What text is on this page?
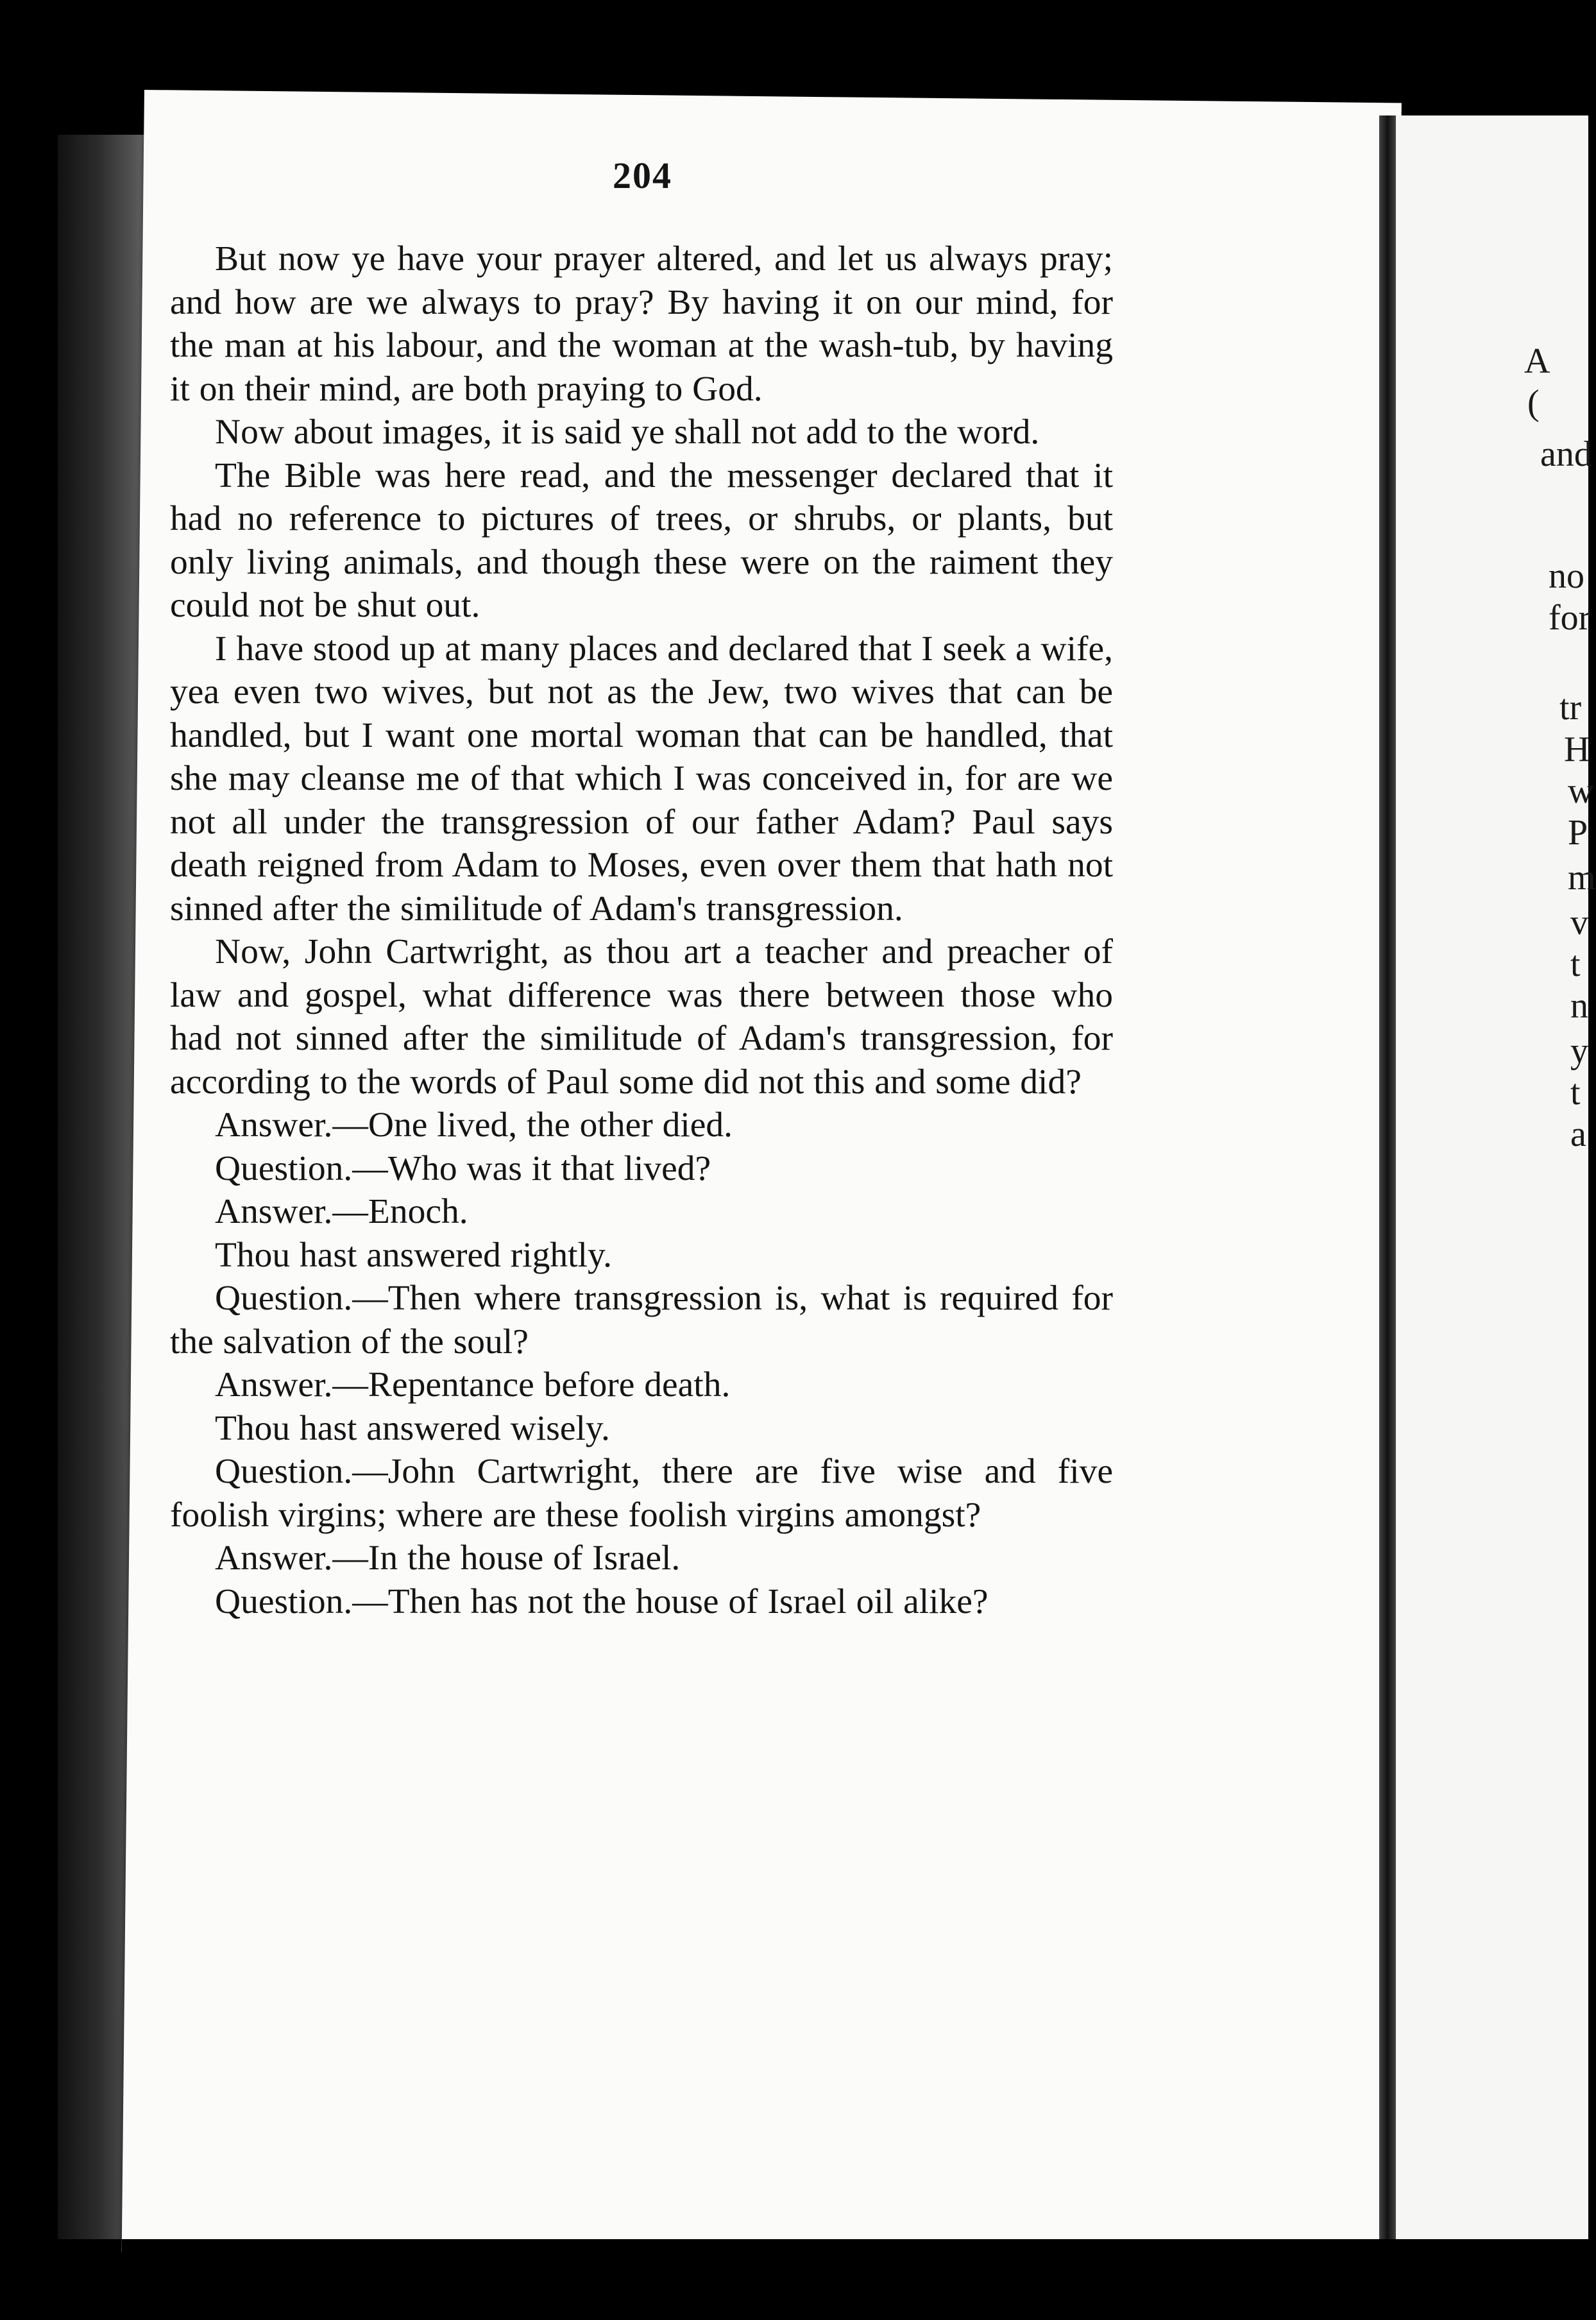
A
(
and
no
for
tr
H
w
P
m
v
t
n
y
t
a
204

But now ye have your prayer altered, and let us always pray; and how are we always to pray? By having it on our mind, for the man at his labour, and the woman at the wash-tub, by having it on their mind, are both praying to God.

Now about images, it is said ye shall not add to the word.

The Bible was here read, and the messenger declared that it had no reference to pictures of trees, or shrubs, or plants, but only living animals, and though these were on the raiment they could not be shut out.

I have stood up at many places and declared that I seek a wife, yea even two wives, but not as the Jew, two wives that can be handled, but I want one mortal woman that can be handled, that she may cleanse me of that which I was conceived in, for are we not all under the transgression of our father Adam? Paul says death reigned from Adam to Moses, even over them that hath not sinned after the similitude of Adam's transgression.

Now, John Cartwright, as thou art a teacher and preacher of law and gospel, what difference was there between those who had not sinned after the similitude of Adam's transgression, for according to the words of Paul some did not this and some did?

Answer.—One lived, the other died.

Question.—Who was it that lived?

Answer.—Enoch.

Thou hast answered rightly.

Question.—Then where transgression is, what is required for the salvation of the soul?

Answer.—Repentance before death.

Thou hast answered wisely.

Question.—John Cartwright, there are five wise and five foolish virgins; where are these foolish virgins amongst?

Answer.—In the house of Israel.

Question.—Then has not the house of Israel oil alike?
